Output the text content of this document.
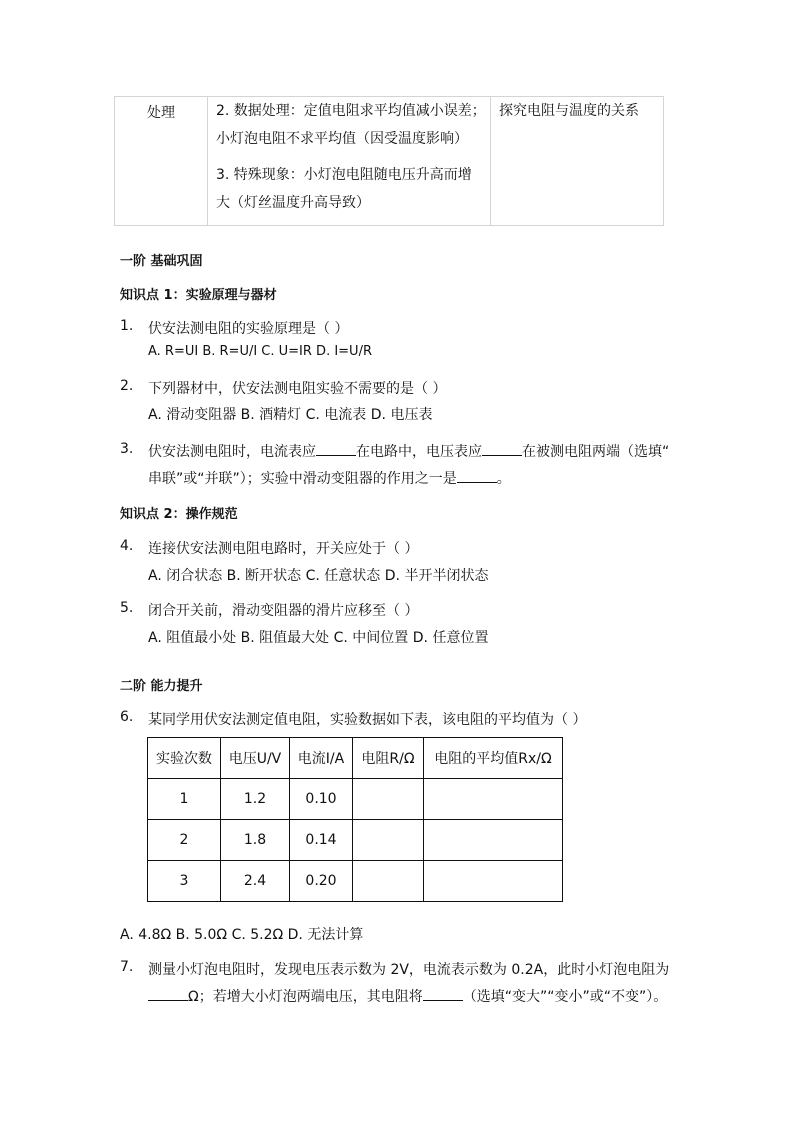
处理	2. 数据处理：定值电阻求平均值减小误差；
小灯泡电阻不求平均值（因受温度影响）
3. 特殊现象：小灯泡电阻随电压升高而增
大（灯丝温度升高导致）
	探究电阻与温度的关系
一阶 基础巩固
知识点 1：实验原理与器材
1. 伏安法测电阻的实验原理是（ ）
A. R=UI B. R=U/I C. U=IR D. I=U/R
2. 下列器材中，伏安法测电阻实验不需要的是（ ）
A. 滑动变阻器 B. 酒精灯 C. 电流表 D. 电压表
3. 伏安法测电阻时，电流表应	在电路中，电压表应	在被测电阻两端（选填“
串联”或“并联”）；实验中滑动变阻器的作用之一是	。
知识点 2：操作规范
4. 连接伏安法测电阻电路时，开关应处于（ ）
A. 闭合状态 B. 断开状态 C. 任意状态 D. 半开半闭状态
5. 闭合开关前，滑动变阻器的滑片应移至（ ）
A. 阻值最小处 B. 阻值最大处 C. 中间位置 D. 任意位置
二阶 能力提升
6. 某同学用伏安法测定值电阻，实验数据如下表，该电阻的平均值为（ ）
实验次数	电压U/V	电流I/A	电阻R/Ω	电阻的平均值Rx/Ω
1	1.2	0.10		
2	1.8	0.14		
3	2.4	0.20		
A. 4.8Ω B. 5.0Ω C. 5.2Ω D. 无法计算
7. 测量小灯泡电阻时，发现电压表示数为 2V，电流表示数为 0.2A，此时小灯泡电阻为
Ω；若增大小灯泡两端电压，其电阻将	（选填“变大”“变小”或“不变”）。
